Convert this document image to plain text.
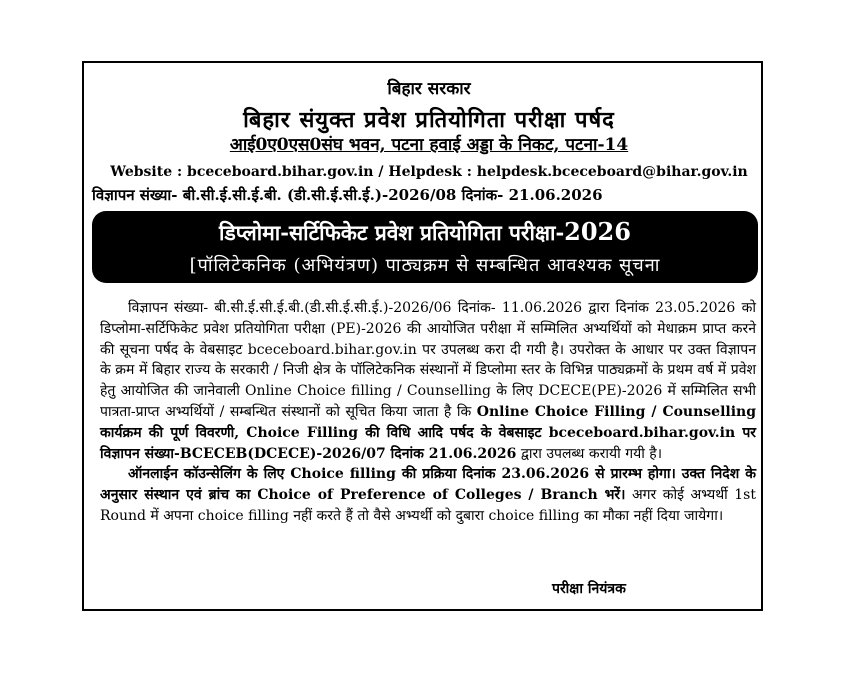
बिहार सरकार
बिहार संयुक्त प्रवेश प्रतियोगिता परीक्षा पर्षद
आई0ए0एस0संघ भवन, पटना हवाई अड्डा के निकट, पटना-14
Website : bceceboard.bihar.gov.in / Helpdesk : helpdesk.bceceboard@bihar.gov.in
विज्ञापन संख्या- बी.सी.ई.सी.ई.बी. (डी.सी.ई.सी.ई.)-2026/08 दिनांक- 21.06.2026
डिप्लोमा-सर्टिफिकेट प्रवेश प्रतियोगिता परीक्षा-2026
[पॉलिटेकनिक (अभियंत्रण) पाठ्यक्रम से सम्बन्धित आवश्यक सूचना

विज्ञापन संख्या- बी.सी.ई.सी.ई.बी.(डी.सी.ई.सी.ई.)-2026/06 दिनांक- 11.06.2026 द्वारा दिनांक 23.05.2026 को डिप्लोमा-सर्टिफिकेट प्रवेश प्रतियोगिता परीक्षा (PE)-2026 की आयोजित परीक्षा में सम्मिलित अभ्यर्थियों को मेधाक्रम प्राप्त करने की सूचना पर्षद के वेबसाइट bceceboard.bihar.gov.in पर उपलब्ध करा दी गयी है। उपरोक्त के आधार पर उक्त विज्ञापन के क्रम में बिहार राज्य के सरकारी / निजी क्षेत्र के पॉलिटेकनिक संस्थानों में डिप्लोमा स्तर के विभिन्न पाठ्यक्रमों के प्रथम वर्ष में प्रवेश हेतु आयोजित की जानेवाली Online Choice filling / Counselling के लिए DCECE(PE)-2026 में सम्मिलित सभी पात्रता-प्राप्त अभ्यर्थियों / सम्बन्धित संस्थानों को सूचित किया जाता है कि Online Choice Filling / Counselling कार्यक्रम की पूर्ण विवरणी, Choice Filling की विधि आदि पर्षद के वेबसाइट bceceboard.bihar.gov.in पर विज्ञापन संख्या-BCECEB(DCECE)-2026/07 दिनांक 21.06.2026 द्वारा उपलब्ध करायी गयी है।

ऑनलाईन कॉउन्सेलिंग के लिए Choice filling की प्रक्रिया दिनांक 23.06.2026 से प्रारम्भ होगा। उक्त निदेश के अनुसार संस्थान एवं ब्रांच का Choice of Preference of Colleges / Branch भरें। अगर कोई अभ्यर्थी 1st Round में अपना choice filling नहीं करते हैं तो वैसे अभ्यर्थी को दुबारा choice filling का मौका नहीं दिया जायेगा।

परीक्षा नियंत्रक
